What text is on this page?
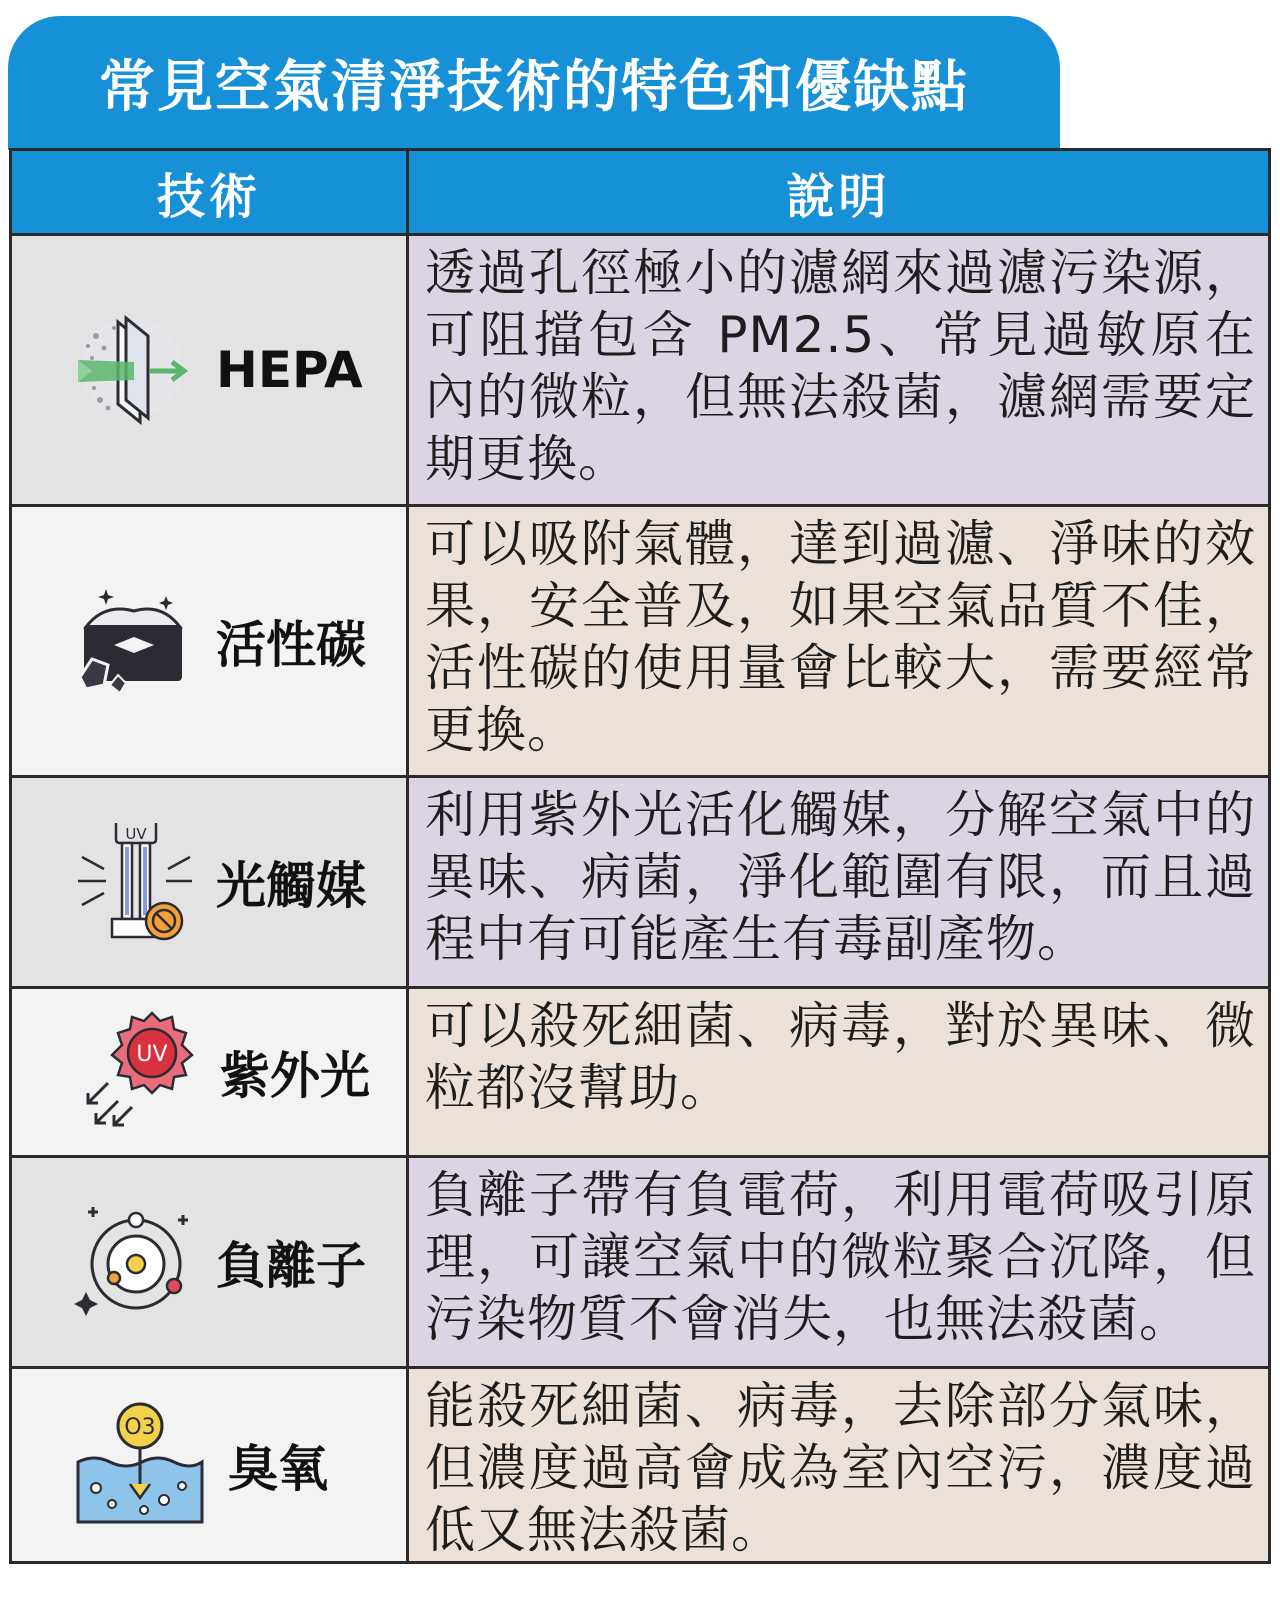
常見空氣清淨技術的特色和優缺點
技術	說明
HEPA
透過孔徑極小的濾網來過濾污染源，可阻擋包含 PM2.5、常見過敏原在內的微粒，但無法殺菌，濾網需要定期更換。
活性碳
可以吸附氣體，達到過濾、淨味的效果，安全普及，如果空氣品質不佳，活性碳的使用量會比較大，需要經常更換。
UV
光觸媒
利用紫外光活化觸媒，分解空氣中的異味、病菌，淨化範圍有限，而且過程中有可能產生有毒副產物。
UV 紫外光
可以殺死細菌、病毒，對於異味、微粒都沒幫助。
負離子
負離子帶有負電荷，利用電荷吸引原理，可讓空氣中的微粒聚合沉降，但污染物質不會消失，也無法殺菌。
O3
臭氧
能殺死細菌、病毒，去除部分氣味，但濃度過高會成為室內空污，濃度過低又無法殺菌。
